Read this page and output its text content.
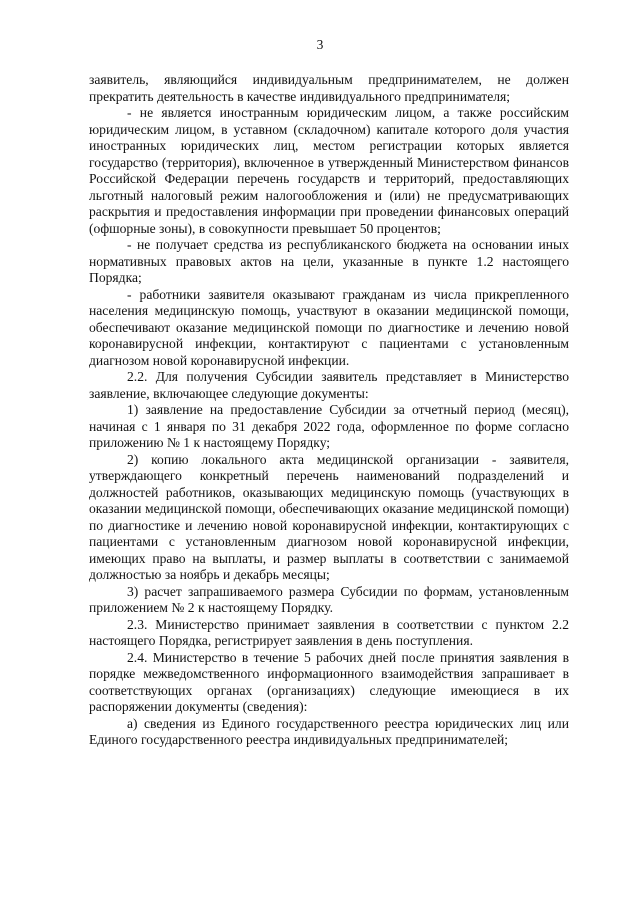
3

заявитель, являющийся индивидуальным предпринимателем, не должен прекратить деятельность в качестве индивидуального предпринимателя;

- не является иностранным юридическим лицом, а также российским юридическим лицом, в уставном (складочном) капитале которого доля участия иностранных юридических лиц, местом регистрации которых является государство (территория), включенное в утвержденный Министерством финансов Российской Федерации перечень государств и территорий, предоставляющих льготный налоговый режим налогообложения и (или) не предусматривающих раскрытия и предоставления информации при проведении финансовых операций (офшорные зоны), в совокупности превышает 50 процентов;

- не получает средства из республиканского бюджета на основании иных нормативных правовых актов на цели, указанные в пункте 1.2 настоящего Порядка;

- работники заявителя оказывают гражданам из числа прикрепленного населения медицинскую помощь, участвуют в оказании медицинской помощи, обеспечивают оказание медицинской помощи по диагностике и лечению новой коронавирусной инфекции, контактируют с пациентами с установленным диагнозом новой коронавирусной инфекции.

2.2. Для получения Субсидии заявитель представляет в Министерство заявление, включающее следующие документы:

1) заявление на предоставление Субсидии за отчетный период (месяц), начиная с 1 января по 31 декабря 2022 года, оформленное по форме согласно приложению № 1 к настоящему Порядку;

2) копию локального акта медицинской организации - заявителя, утверждающего конкретный перечень наименований подразделений и должностей работников, оказывающих медицинскую помощь (участвующих в оказании медицинской помощи, обеспечивающих оказание медицинской помощи) по диагностике и лечению новой коронавирусной инфекции, контактирующих с пациентами с установленным диагнозом новой коронавирусной инфекции, имеющих право на выплаты, и размер выплаты в соответствии с занимаемой должностью за ноябрь и декабрь месяцы;

3) расчет запрашиваемого размера Субсидии по формам, установленным приложением № 2 к настоящему Порядку.

2.3. Министерство принимает заявления в соответствии с пунктом 2.2 настоящего Порядка, регистрирует заявления в день поступления.

2.4. Министерство в течение 5 рабочих дней после принятия заявления в порядке межведомственного информационного взаимодействия запрашивает в соответствующих органах (организациях) следующие имеющиеся в их распоряжении документы (сведения):

а) сведения из Единого государственного реестра юридических лиц или Единого государственного реестра индивидуальных предпринимателей;
